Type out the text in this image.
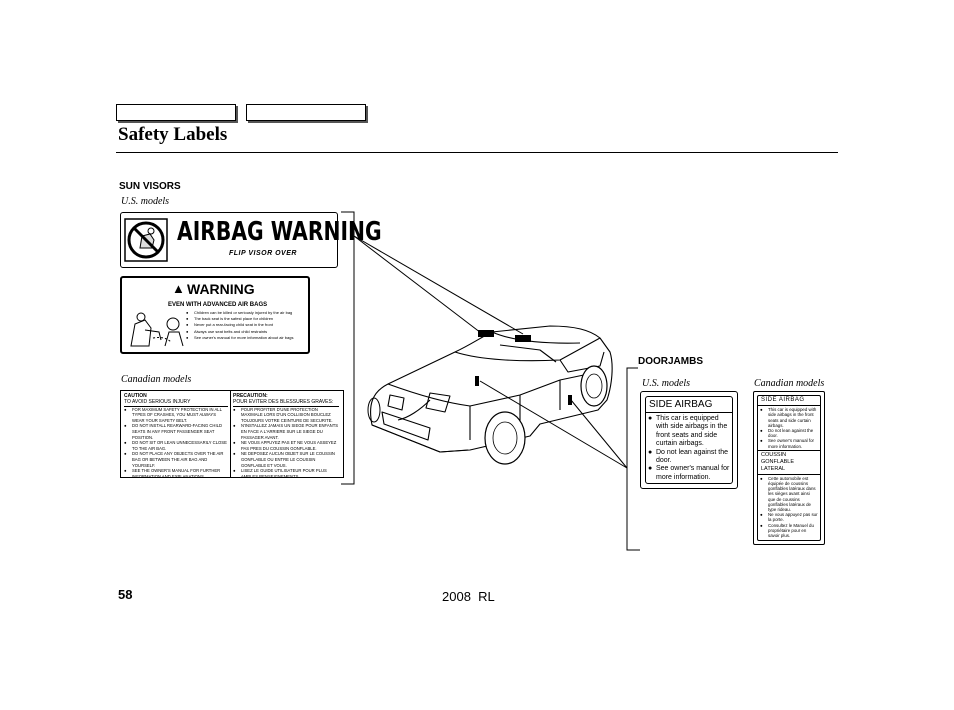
Safety Labels
SUN VISORS
U.S. models
AIRBAG WARNING
FLIP VISOR OVER
▲ WARNING
EVEN WITH ADVANCED AIR BAGS
● Children can be killed or seriously injured by the air bag
● The back seat is the safest place for children
● Never put a rear-facing child seat in the front
● Always use seat belts and child restraints
● See owner's manual for more information about air bags
Canadian models
CAUTION
TO AVOID SERIOUS INJURY
● FOR MAXIMUM SAFETY PROTECTION IN ALL TYPES OF CRASHES, YOU MUST ALWAYS WEAR YOUR SAFETY BELT.
● DO NOT INSTALL REARWARD-FACING CHILD SEATS IN ANY FRONT PASSENGER SEAT POSITION.
● DO NOT SIT OR LEAN UNNECESSARILY CLOSE TO THE AIR BAG.
● DO NOT PLACE ANY OBJECTS OVER THE AIR BAG OR BETWEEN THE AIR BAG AND YOURSELF.
● SEE THE OWNER'S MANUAL FOR FURTHER INFORMATION AND EXPLANATIONS.
PRECAUTION:
POUR EVITER DES BLESSURES GRAVES:
● POUR PROFITER D'UNE PROTECTION MAXIMALE LORS D'UN COLLISION BOUCLEZ TOUJOURS VOTRE CEINTURE DE SECURITE.
● N'INSTALLEZ JAMAIS UN SIEGE POUR ENFANTS EN FACE A L'ARRIERE SUR LE SIEGE DU PASSAGER AVANT.
● NE VOUS APPUYEZ PAS ET NE VOUS ASSEYEZ PAS PRES DU COUSSIN GONFLABLE.
● NE DEPOSEZ AUCUN OBJET SUR LE COUSSIN GONFLABLE OU ENTRE LE COUSSIN GONFLABLE ET VOUS.
● LISEZ LE GUIDE UTILISATEUR POUR PLUS AMPLES RENSEIGNEMENTS.
DOORJAMBS
U.S. models	Canadian models
SIDE AIRBAG
● This car is equipped with side airbags in the front seats and side curtain airbags.
● Do not lean against the door.
● See owner's manual for more information.
SIDE AIRBAG
● This car is equipped with side airbags in the front seats and side curtain airbags.
● Do not lean against the door.
● See owner's manual for more information.
COUSSIN GONFLABLE LATERAL
● Cette automobile est équipée de coussins gonflables latéraux dans les sièges avant ainsi que de coussins gonflables latéraux de type rideau.
● Ne vous appuyez pas sur la porte.
● Consultez le Manuel du propriétaire pour en savoir plus.
58	2008  RL
